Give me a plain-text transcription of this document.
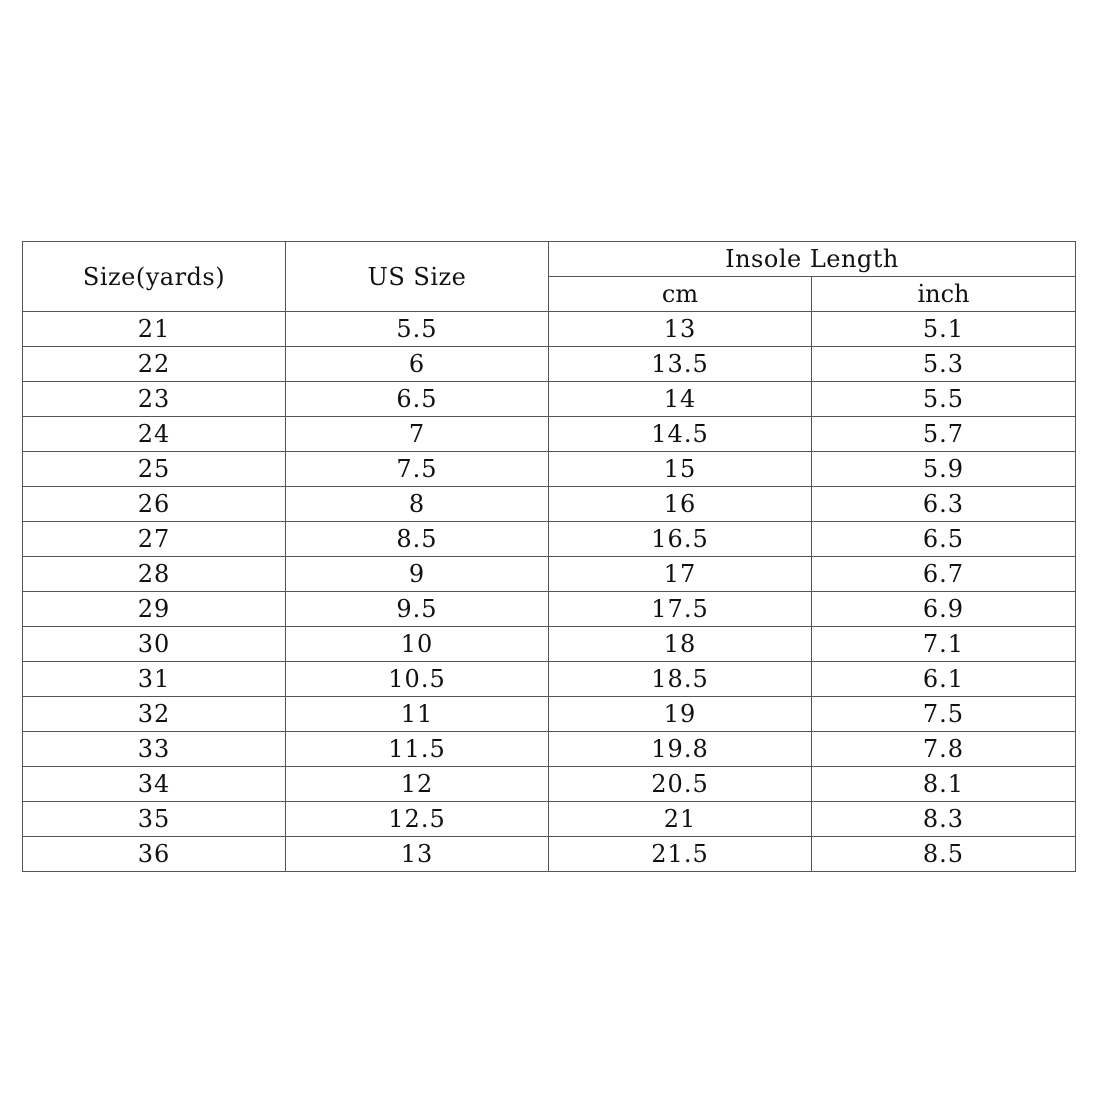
Size(yards)	US Size	Insole Length	
		cm	inch
21	5.5	13	5.1
22	6	13.5	5.3
23	6.5	14	5.5
24	7	14.5	5.7
25	7.5	15	5.9
26	8	16	6.3
27	8.5	16.5	6.5
28	9	17	6.7
29	9.5	17.5	6.9
30	10	18	7.1
31	10.5	18.5	6.1
32	11	19	7.5
33	11.5	19.8	7.8
34	12	20.5	8.1
35	12.5	21	8.3
36	13	21.5	8.5
